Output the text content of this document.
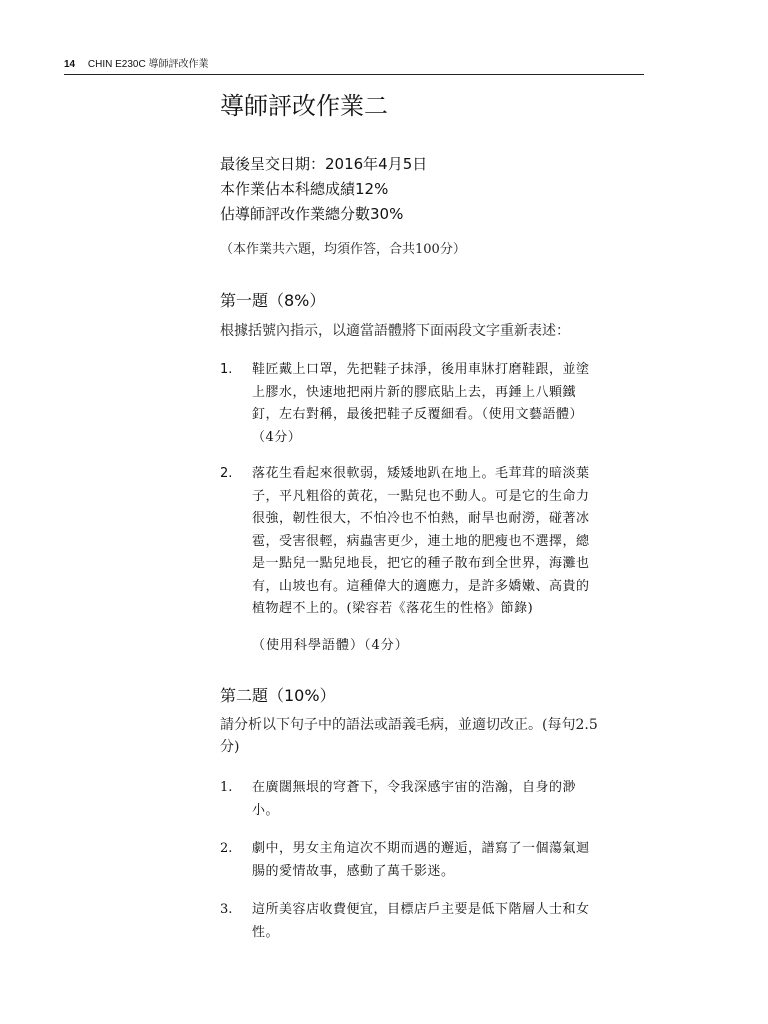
14 CHIN E230C 導師評改作業
導師評改作業二
最後呈交日期：2016年4月5日
本作業佔本科總成績12%
佔導師評改作業總分數30%
（本作業共六題，均須作答，合共100分）
第一題（8%）
根據括號內指示，以適當語體將下面兩段文字重新表述：
1. 鞋匠戴上口罩，先把鞋子抹淨，後用車牀打磨鞋跟，並塗
上膠水，快速地把兩片新的膠底貼上去，再錘上八顆鐵
釘，左右對稱，最後把鞋子反覆細看。（使用文藝語體）
（4分）
2. 落花生看起來很軟弱，矮矮地趴在地上。毛茸茸的暗淡葉
子，平凡粗俗的黃花，一點兒也不動人。可是它的生命力
很強，韌性很大，不怕冷也不怕熱，耐旱也耐澇，碰著冰
雹，受害很輕，病蟲害更少，連土地的肥瘦也不選擇，總
是一點兒一點兒地長，把它的種子散布到全世界，海灘也
有，山坡也有。這種偉大的適應力，是許多嬌嫩、高貴的
植物趕不上的。(梁容若《落花生的性格》節錄)
（使用科學語體）（4分）
第二題（10%）
請分析以下句子中的語法或語義毛病，並適切改正。(每句2.5
分)
1. 在廣闊無垠的穹蒼下，令我深感宇宙的浩瀚，自身的渺
小。
2. 劇中，男女主角這次不期而遇的邂逅，譜寫了一個蕩氣迴
腸的愛情故事，感動了萬千影迷。
3. 這所美容店收費便宜，目標店戶主要是低下階層人士和女
性。
